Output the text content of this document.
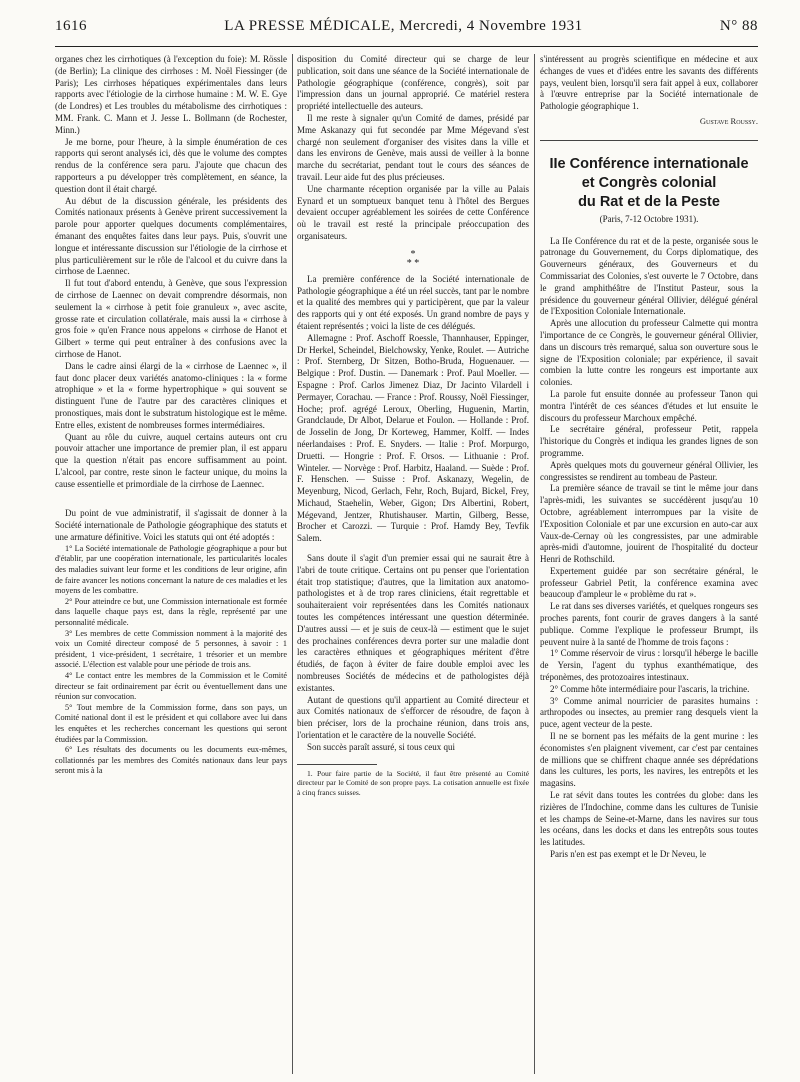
1616	LA PRESSE MÉDICALE, Mercredi, 4 Novembre 1931	N° 88

organes chez les cirrhotiques (à l'exception du foie): M. Rössle (de Berlin); La clinique des cirrhoses : M. Noël Fiessinger (de Paris); Les cirrhoses hépatiques expérimentales dans leurs rapports avec l'étiologie de la cirrhose humaine : M. W. E. Gye (de Londres) et Les troubles du métabolisme des cirrhotiques : MM. Frank. C. Mann et J. Jesse L. Bollmann (de Rochester, Minn.)

Je me borne, pour l'heure, à la simple énumération de ces rapports qui seront analysés ici, dès que le volume des comptes rendus de la conférence sera paru. J'ajoute que chacun des rapporteurs a pu développer très complètement, en séance, la question dont il était chargé.

Au début de la discussion générale, les présidents des Comités nationaux présents à Genève prirent successivement la parole pour apporter quelques documents complémentaires, émanant des enquêtes faites dans leur pays. Puis, s'ouvrit une longue et intéressante discussion sur l'étiologie de la cirrhose et plus particulièrement sur le rôle de l'alcool et du cuivre dans la cirrhose de Laennec.

Il fut tout d'abord entendu, à Genève, que sous l'expression de cirrhose de Laennec on devait comprendre désormais, non seulement la « cirrhose à petit foie granuleux », avec ascite, grosse rate et circulation collatérale, mais aussi la « cirrhose à gros foie » qu'en France nous appelons « cirrhose de Hanot et Gilbert » terme qui peut entraîner à des confusions avec la cirrhose de Hanot.

Dans le cadre ainsi élargi de la « cirrhose de Laennec », il faut donc placer deux variétés anatomo-cliniques : la « forme atrophique » et la « forme hypertrophique » qui souvent se distinguent l'une de l'autre par des caractères cliniques et pronostiques, mais dont le substratum histologique est le même. Entre elles, existent de nombreuses formes intermédiaires.

Quant au rôle du cuivre, auquel certains auteurs ont cru pouvoir attacher une importance de premier plan, il est apparu que la question n'était pas encore suffisamment au point. L'alcool, par contre, reste sinon le facteur unique, du moins la cause essentielle et primordiale de la cirrhose de Laennec.

Du point de vue administratif, il s'agissait de donner à la Société internationale de Pathologie géographique des statuts et une armature définitive. Voici les statuts qui ont été adoptés :

1° La Société internationale de Pathologie géographique a pour but d'établir, par une coopération internationale, les particularités locales des maladies suivant leur forme et les conditions de leur origine, afin de faire avancer les notions concernant la nature de ces maladies et les moyens de les combattre.

2° Pour atteindre ce but, une Commission internationale est formée dans laquelle chaque pays est, dans la règle, représenté par une personnalité médicale.

3° Les membres de cette Commission nomment à la majorité des voix un Comité directeur composé de 5 personnes, à savoir : 1 président, 1 vice-président, 1 secrétaire, 1 trésorier et un membre associé. L'élection est valable pour une période de trois ans.

4° Le contact entre les membres de la Commission et le Comité directeur se fait ordinairement par écrit ou éventuellement dans une réunion sur convocation.

5° Tout membre de la Commission forme, dans son pays, un Comité national dont il est le président et qui collabore avec lui dans les enquêtes et les recherches concernant les questions qui seront étudiées par la Commission.

6° Les résultats des documents ou les documents eux-mêmes, collationnés par les membres des Comités nationaux dans leur pays seront mis à la

disposition du Comité directeur qui se charge de leur publication, soit dans une séance de la Société internationale de Pathologie géographique (conférence, congrès), soit par l'impression dans un journal approprié. Ce matériel restera propriété intellectuelle des auteurs.

Il me reste à signaler qu'un Comité de dames, présidé par Mme Askanazy qui fut secondée par Mme Mégevand s'est chargé non seulement d'organiser des visites dans la ville et dans les environs de Genève, mais aussi de veiller à la bonne marche du secrétariat, pendant tout le cours des séances de travail. Leur aide fut des plus précieuses.

Une charmante réception organisée par la ville au Palais Eynard et un somptueux banquet tenu à l'hôtel des Bergues devaient occuper agréablement les soirées de cette Conférence où le travail est resté la principale préoccupation des organisateurs.

*
* *

La première conférence de la Société internationale de Pathologie géographique a été un réel succès, tant par le nombre et la qualité des membres qui y participèrent, que par la valeur des rapports qui y ont été exposés. Un grand nombre de pays y étaient représentés ; voici la liste de ces délégués.

Allemagne : Prof. Aschoff Roessle, Thannhauser, Eppinger, Dr Herkel, Scheindel, Bielchowsky, Yenke, Roulet. — Autriche : Prof. Sternberg, Dr Sitzen, Botho-Bruda, Hoguenauer. — Belgique : Prof. Dustin. — Danemark : Prof. Paul Moeller. — Espagne : Prof. Carlos Jimenez Diaz, Dr Jacinto Vilardell i Permayer, Corachau. — France : Prof. Roussy, Noël Fiessinger, Hoche; prof. agrégé Leroux, Oberling, Huguenin, Martin, Grandclaude, Dr Albot, Delarue et Foulon. — Hollande : Prof. de Josselin de Jong, Dr Korteweg, Hammer, Kolff. — Indes néerlandaises : Prof. E. Snyders. — Italie : Prof. Morpurgo, Druetti. — Hongrie : Prof. F. Orsos. — Lithuanie : Prof. Winteler. — Norvège : Prof. Harbitz, Haaland. — Suède : Prof. F. Henschen. — Suisse : Prof. Askanazy, Wegelin, de Meyenburg, Nicod, Gerlach, Fehr, Roch, Bujard, Bickel, Frey, Michaud, Staehelin, Weber, Gigon; Drs Albertini, Robert, Mégevand, Jentzer, Rhutishauser. Martin, Gilberg, Besse, Brocher et Carozzi. — Turquie : Prof. Hamdy Bey, Tevfik Salem.

Sans doute il s'agit d'un premier essai qui ne saurait être à l'abri de toute critique. Certains ont pu penser que l'orientation était trop statistique; d'autres, que la limitation aux anatomo-pathologistes et à de trop rares cliniciens, était regrettable et souhaiteraient voir représentées dans les Comités nationaux toutes les compétences intéressant une question déterminée. D'autres aussi — et je suis de ceux-là — estiment que le sujet des prochaines conférences devra porter sur une maladie dont les caractères ethniques et géographiques méritent d'être étudiés, de façon à éviter de faire double emploi avec les nombreuses Sociétés de médecins et de pathologistes déjà existantes.

Autant de questions qu'il appartient au Comité directeur et aux Comités nationaux de s'efforcer de résoudre, de façon à bien préciser, lors de la prochaine réunion, dans trois ans, l'orientation et le caractère de la nouvelle Société.

Son succès paraît assuré, si tous ceux qui

1. Pour faire partie de la Société, il faut être présenté au Comité directeur par le Comité de son propre pays. La cotisation annuelle est fixée à cinq francs suisses.

s'intéressent au progrès scientifique en médecine et aux échanges de vues et d'idées entre les savants des différents pays, veulent bien, lorsqu'il sera fait appel à eux, collaborer à l'œuvre entreprise par la Société internationale de Pathologie géographique 1.

Gustave Roussy.
IIe Conférence internationale
et Congrès colonial
du Rat et de la Peste
(Paris, 7-12 Octobre 1931).

La IIe Conférence du rat et de la peste, organisée sous le patronage du Gouvernement, du Corps diplomatique, des Gouverneurs généraux, des Gouverneurs et du Commissariat des Colonies, s'est ouverte le 7 Octobre, dans le grand amphithéâtre de l'Institut Pasteur, sous la présidence du gouverneur général Ollivier, délégué général de l'Exposition Coloniale Internationale.

Après une allocution du professeur Calmette qui montra l'importance de ce Congrès, le gouverneur général Ollivier, dans un discours très remarqué, salua son ouverture sous le signe de l'Exposition coloniale; par expérience, il savait combien la lutte contre les rongeurs est importante aux colonies.

La parole fut ensuite donnée au professeur Tanon qui montra l'intérêt de ces séances d'études et lut ensuite le discours du professeur Marchoux empêché.

Le secrétaire général, professeur Petit, rappela l'historique du Congrès et indiqua les grandes lignes de son programme.

Après quelques mots du gouverneur général Ollivier, les congressistes se rendirent au tombeau de Pasteur.

La première séance de travail se tint le même jour dans l'après-midi, les suivantes se succédèrent jusqu'au 10 Octobre, agréablement interrompues par la visite de l'Exposition Coloniale et par une excursion en auto-car aux Vaux-de-Cernay où les congressistes, par une admirable après-midi d'automne, jouirent de l'hospitalité du docteur Henri de Rothschild.

Expertement guidée par son secrétaire général, le professeur Gabriel Petit, la conférence examina avec beaucoup d'ampleur le « problème du rat ».

Le rat dans ses diverses variétés, et quelques rongeurs ses proches parents, font courir de graves dangers à la santé publique. Comme l'explique le professeur Brumpt, ils peuvent nuire à la santé de l'homme de trois façons :

1° Comme réservoir de virus : lorsqu'il héberge le bacille de Yersin, l'agent du typhus exanthématique, des tréponèmes, des protozoaires intestinaux.

2° Comme hôte intermédiaire pour l'ascaris, la trichine.

3° Comme animal nourricier de parasites humains : arthropodes ou insectes, au premier rang desquels vient la puce, agent vecteur de la peste.

Il ne se bornent pas les méfaits de la gent murine : les économistes s'en plaignent vivement, car c'est par centaines de millions que se chiffrent chaque année ses déprédations dans les cultures, les ports, les navires, les entrepôts et les magasins.

Le rat sévit dans toutes les contrées du globe: dans les rizières de l'Indochine, comme dans les cultures de Tunisie et les champs de Seine-et-Marne, dans les navires sur tous les océans, dans les docks et dans les entrepôts sous toutes les latitudes.

Paris n'en est pas exempt et le Dr Neveu, le
